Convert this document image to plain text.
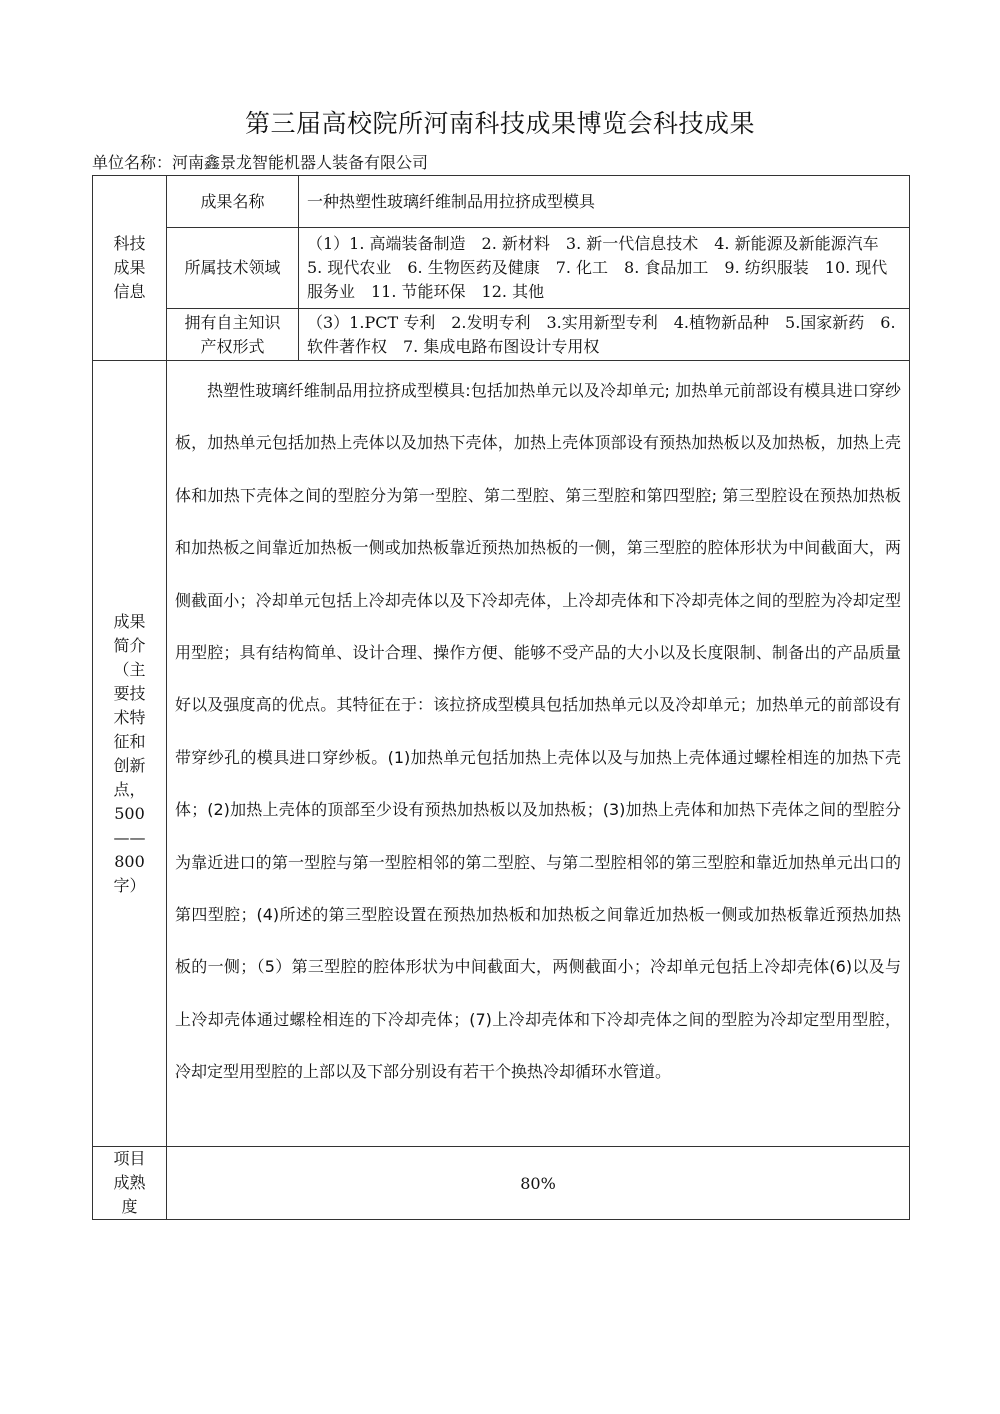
第三届高校院所河南科技成果博览会科技成果
单位名称：河南鑫景龙智能机器人装备有限公司
科技成果信息	成果名称	一种热塑性玻璃纤维制品用拉挤成型模具
	所属技术领域	（1）1. 高端装备制造　2. 新材料　3. 新一代信息技术　4. 新能源及新能源汽车　5. 现代农业　6. 生物医药及健康　7. 化工　8. 食品加工　9. 纺织服装　10. 现代服务业　11. 节能环保　12. 其他
	拥有自主知识产权形式	（3）1.PCT 专利　2.发明专利　3.实用新型专利　4.植物新品种　5.国家新药　6.软件著作权　7. 集成电路布图设计专用权
成果简介（主要技术特征和创新点，500——800字）	热塑性玻璃纤维制品用拉挤成型模具:包括加热单元以及冷却单元; 加热单元前部设有模具进口穿纱板，加热单元包括加热上壳体以及加热下壳体，加热上壳体顶部设有预热加热板以及加热板，加热上壳体和加热下壳体之间的型腔分为第一型腔、第二型腔、第三型腔和第四型腔; 第三型腔设在预热加热板和加热板之间靠近加热板一侧或加热板靠近预热加热板的一侧，第三型腔的腔体形状为中间截面大，两侧截面小；冷却单元包括上冷却壳体以及下冷却壳体，上冷却壳体和下冷却壳体之间的型腔为冷却定型用型腔；具有结构简单、设计合理、操作方便、能够不受产品的大小以及长度限制、制备出的产品质量好以及强度高的优点。其特征在于：该拉挤成型模具包括加热单元以及冷却单元；加热单元的前部设有带穿纱孔的模具进口穿纱板。(1)加热单元包括加热上壳体以及与加热上壳体通过螺栓相连的加热下壳体；(2)加热上壳体的顶部至少设有预热加热板以及加热板；(3)加热上壳体和加热下壳体之间的型腔分为靠近进口的第一型腔与第一型腔相邻的第二型腔、与第二型腔相邻的第三型腔和靠近加热单元出口的第四型腔；(4)所述的第三型腔设置在预热加热板和加热板之间靠近加热板一侧或加热板靠近预热加热板的一侧；（5）第三型腔的腔体形状为中间截面大，两侧截面小；冷却单元包括上冷却壳体(6)以及与上冷却壳体通过螺栓相连的下冷却壳体；(7)上冷却壳体和下冷却壳体之间的型腔为冷却定型用型腔，冷却定型用型腔的上部以及下部分别设有若干个换热冷却循环水管道。	
项目成熟度	80%	
